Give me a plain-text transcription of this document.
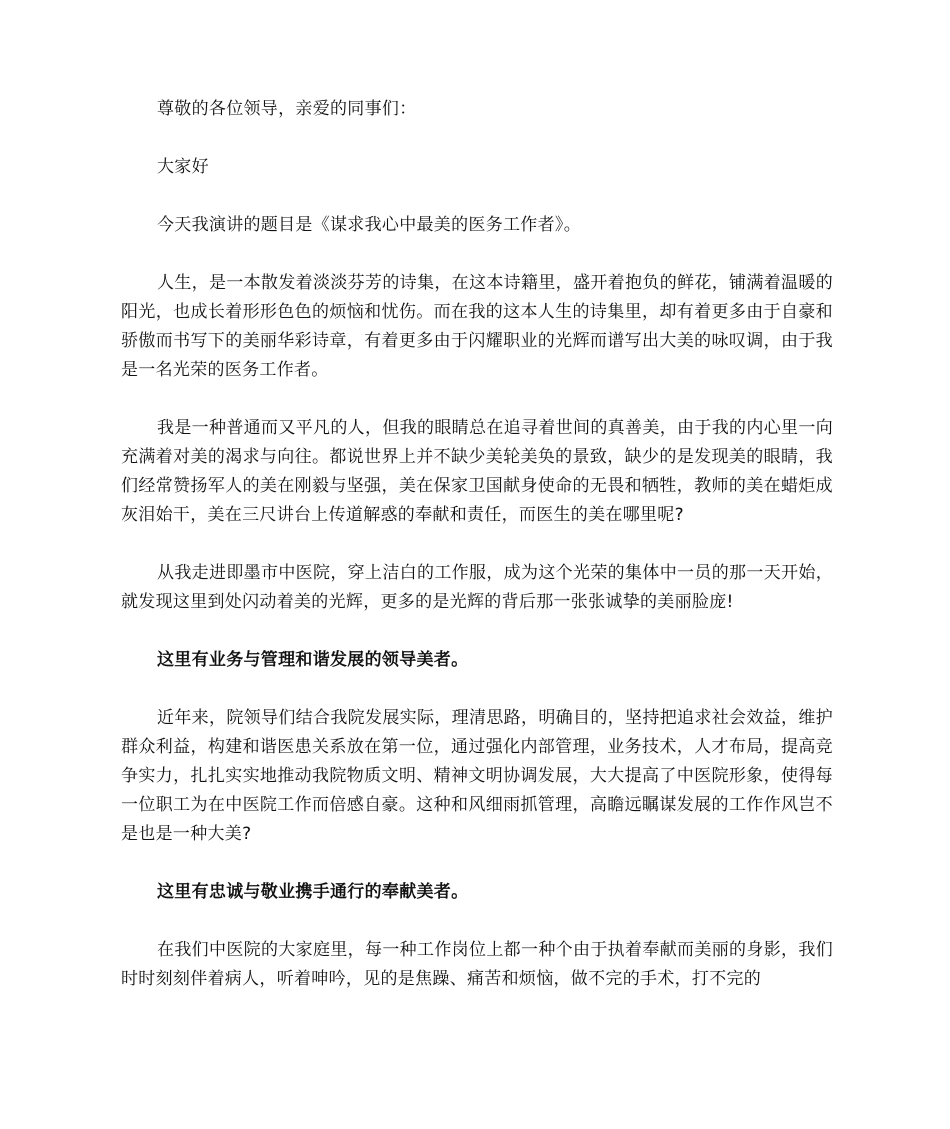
尊敬的各位领导，亲爱的同事们：

大家好

今天我演讲的题目是《谋求我心中最美的医务工作者》。

人生，是一本散发着淡淡芬芳的诗集，在这本诗籍里，盛开着抱负的鲜花，铺满着温暖的阳光，也成长着形形色色的烦恼和忧伤。而在我的这本人生的诗集里，却有着更多由于自豪和骄傲而书写下的美丽华彩诗章，有着更多由于闪耀职业的光辉而谱写出大美的咏叹调，由于我是一名光荣的医务工作者。

我是一种普通而又平凡的人，但我的眼睛总在追寻着世间的真善美，由于我的内心里一向充满着对美的渴求与向往。都说世界上并不缺少美轮美奂的景致，缺少的是发现美的眼睛，我们经常赞扬军人的美在刚毅与坚强，美在保家卫国献身使命的无畏和牺牲，教师的美在蜡炬成灰泪始干，美在三尺讲台上传道解惑的奉献和责任，而医生的美在哪里呢?

从我走进即墨市中医院，穿上洁白的工作服，成为这个光荣的集体中一员的那一天开始，就发现这里到处闪动着美的光辉，更多的是光辉的背后那一张张诚挚的美丽脸庞!

这里有业务与管理和谐发展的领导美者。

近年来，院领导们结合我院发展实际，理清思路，明确目的，坚持把追求社会效益，维护群众利益，构建和谐医患关系放在第一位，通过强化内部管理，业务技术，人才布局，提高竞争实力，扎扎实实地推动我院物质文明、精神文明协调发展，大大提高了中医院形象，使得每一位职工为在中医院工作而倍感自豪。这种和风细雨抓管理，高瞻远瞩谋发展的工作作风岂不是也是一种大美?

这里有忠诚与敬业携手通行的奉献美者。

在我们中医院的大家庭里，每一种工作岗位上都一种个由于执着奉献而美丽的身影，我们时时刻刻伴着病人，听着呻吟，见的是焦躁、痛苦和烦恼，做不完的手术，打不完的
